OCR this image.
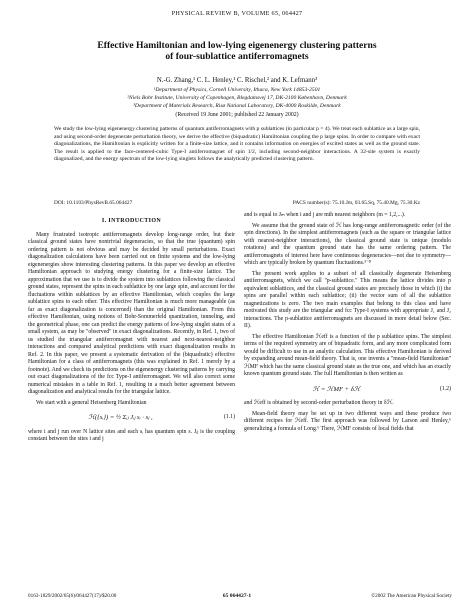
PHYSICAL REVIEW B, VOLUME 65, 064427
Effective Hamiltonian and low-lying eigenenergy clustering patterns
of four-sublattice antiferromagnets
N.-G. Zhang,¹ C. L. Henley,¹ C. Rischel,² and K. Lefmann³
¹Department of Physics, Cornell University, Ithaca, New York 14853-2501
²Niels Bohr Institute, University of Copenhagen, Blegdamsvej 17, DK-2100 København, Denmark
³Department of Materials Research, Risø National Laboratory, DK-4000 Roskilde, Denmark
(Received 19 June 2001; published 22 January 2002)
We study the low-lying eigenenergy clustering patterns of quantum antiferromagnets with p sublattices (in particular p = 4). We treat each sublattice as a large spin, and using second-order degenerate perturbation theory, we derive the effective (biquadratic) Hamiltonian coupling the p large spins. In order to compare with exact diagonalizations, the Hamiltonian is explicitly written for a finite-size lattice, and it contains information on energies of excited states as well as the ground state. The result is applied to the face-centered-cubic Type-I antiferromagnet of spin 1/2, including second-neighbor interactions. A 32-site system is exactly diagonalized, and the energy spectrum of the low-lying singlets follows the analytically predicted clustering pattern.
DOI: 10.1103/PhysRevB.65.064427	PACS number(s): 75.10.Jm, 03.65.Sq, 75.40.Mg, 75.30.Kz
I. INTRODUCTION

Many frustrated isotropic antiferromagnets develop long-range order, but their classical ground states have nontrivial degeneracies, so that the true (quantum) spin ordering pattern is not obvious and may be decided by small perturbations. Exact diagonalization calculations have been carried out on finite systems and the low-lying eigenenergies show interesting clustering patterns. In this paper we develop an effective Hamiltonian approach to studying energy clustering for a finite-size lattice. The approximation that we use is to divide the system into sublattices following the classical ground states, represent the spins in each sublattice by one large spin, and account for the fluctuations within sublattices by an effective Hamiltonian, which couples the large sublattice spins to each other. This effective Hamiltonian is much more manageable (as far as exact diagonalization is concerned) than the original Hamiltonian. From this effective Hamiltonian, using notions of Bohr-Sommerfeld quantization, tunneling, and the geometrical phase, one can predict the energy patterns of low-lying singlet states of a small system, as may be "observed" in exact diagonalizations. Recently, in Ref. 1, two of us studied the triangular antiferromagnet with nearest and next-nearest-neighbor interactions and compared analytical predictions with exact diagonalization results in Ref. 2. In this paper, we present a systematic derivation of the (biquadratic) effective Hamiltonian for a class of antiferromagnets (this was explained in Ref. 1 merely by a footnote). And we check its predictions on the eigenenergy clustering patterns by carrying out exact diagonalizations of the fcc Type-I antiferromagnet. We will also correct some numerical mistakes in a table in Ref. 1, resulting in a much better agreement between diagonalization and analytical results for the triangular lattice.

We start with a general Heisenberg Hamiltonian

ℋ({sᵢ}) = ½ Σᵢⱼ Jᵢⱼ sᵢ · sⱼ ,	(1.1)

where i and j run over N lattice sites and each sᵢ has quantum spin s. Jᵢⱼ is the coupling constant between the sites i and j

and is equal to Jₘ when i and j are mth nearest neighbors (m = 1,2,...).

We assume that the ground state of ℋ has long-range antiferromagnetic order (of the spin directions). In the simplest antiferromagnets (such as the square or triangular lattice with nearest-neighbor interactions), the classical ground state is unique (modulo rotations) and the quantum ground state has the same ordering pattern. The antiferromagnets of interest here have continuous degeneracies—not due to symmetry—which are typically broken by quantum fluctuations.³⁻⁸

The present work applies to a subset of all classically degenerate Heisenberg antiferromagnets, which we call "p-sublattice." This means the lattice divides into p equivalent sublattices, and the classical ground states are precisely those in which (i) the spins are parallel within each sublattice; (ii) the vector sum of all the sublattice magnetizations is zero. The two main examples that belong to this class and have motivated this study are the triangular and fcc Type-I systems with appropriate J₁ and J₂ interactions. The p-sublattice antiferromagnets are discussed in more detail below (Sec. II).

The effective Hamiltonian ℋeff is a function of the p sublattice spins. The simplest terms of the required symmetry are of biquadratic form, and any more complicated form would be difficult to use in an analytic calculation. This effective Hamiltonian is derived by expanding around mean-field theory. That is, one invents a "mean-field Hamiltonian" ℋMF which has the same classical ground state as the true one, and which has an exactly known quantum ground state. The full Hamiltonian is then written as

ℋ = ℋMF + δℋ	(1.2)

and ℋeff is obtained by second-order perturbation theory in δℋ.

Mean-field theory may be set up in two different ways and these produce two different recipes for ℋeff. The first approach was followed by Larson and Henley,⁶ generalizing a formula of Long.⁶ There, ℋMF consists of local fields that

0163-1829/2002/65(6)/064427(17)/$20.00	65 064427-1	©2002 The American Physical Society
